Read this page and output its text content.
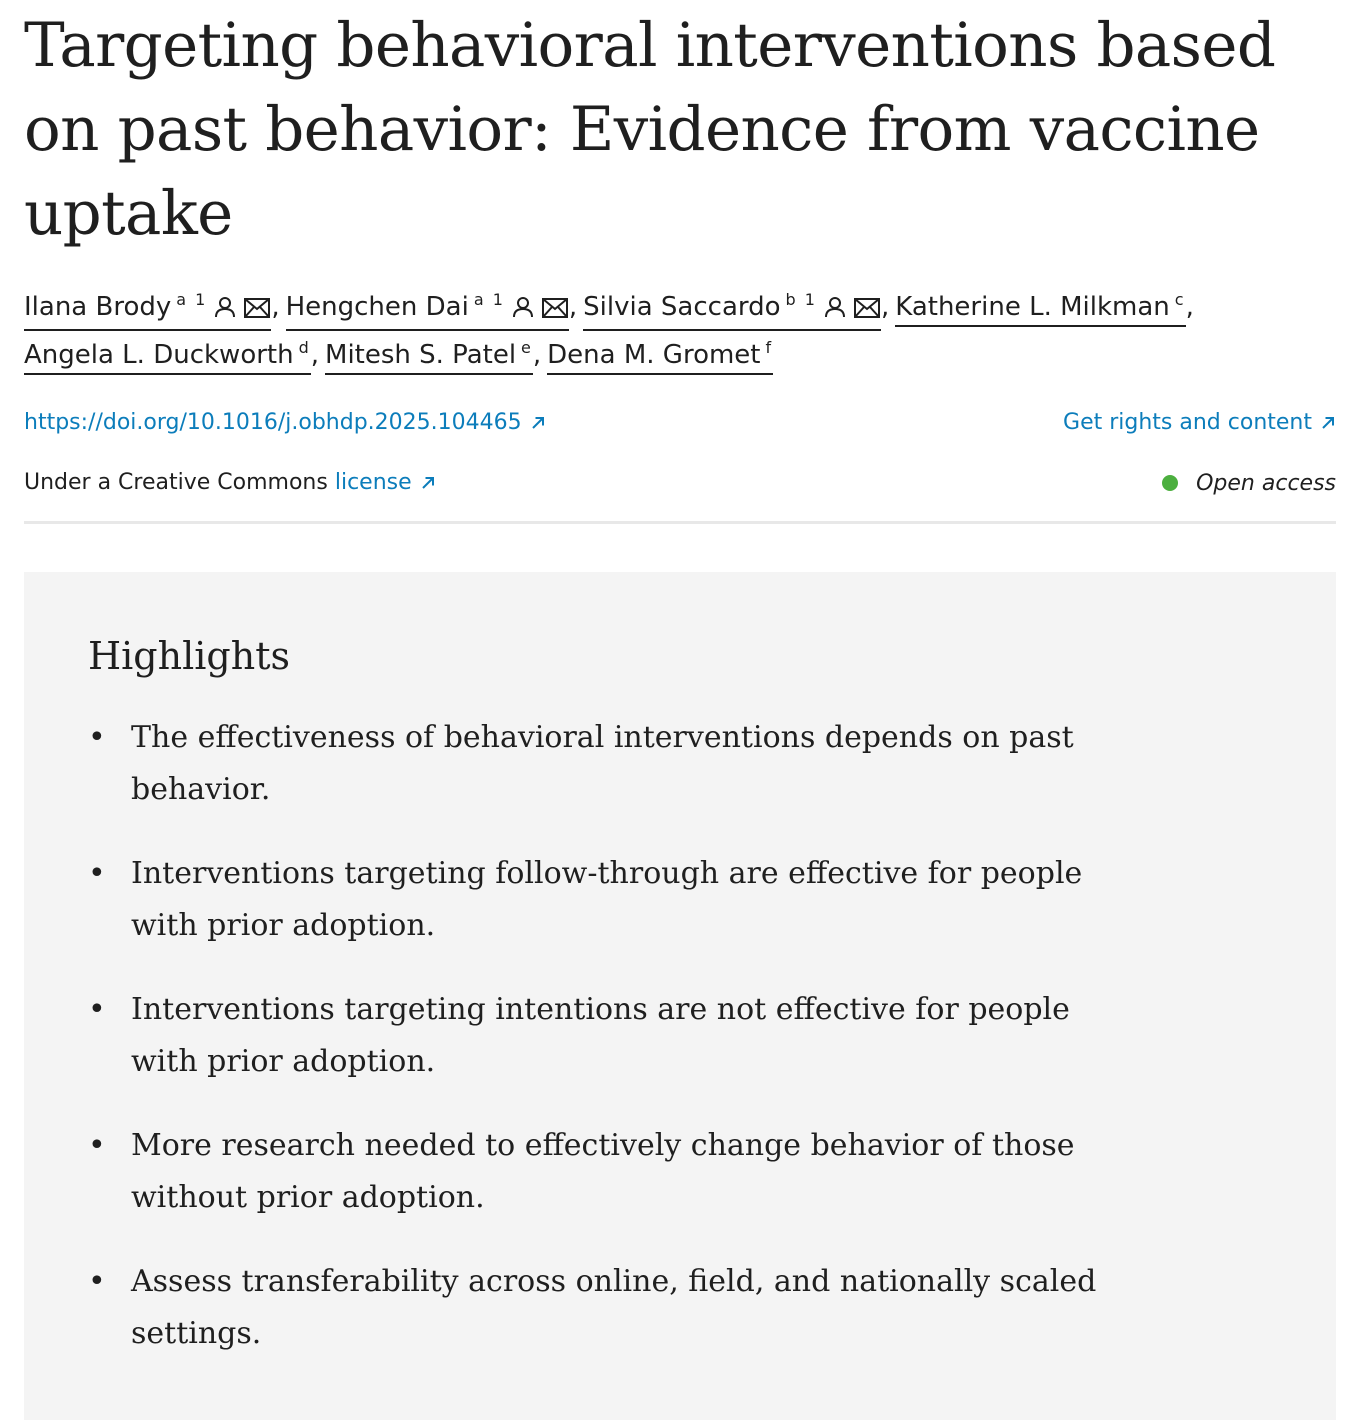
Targeting behavioral interventions based on past behavior: Evidence from vaccine uptake
Ilana Brody $^{a 1}$ , Hengchen Dai $^{a 1}$ , Silvia Saccardo $^{b 1}$ , Katherine L. Milkman $^c$,Angela L. Duckworth $^d$, Mitesh S. Patel $^e$, Dena M. Gromet $^f$
https://doi.org/10.1016/j.obhdp.2025.104465	Get rights and content
Under a Creative Commons license	Open access
Highlights
• The effectiveness of behavioral interventions depends on past behavior.
• Interventions targeting follow-through are effective for people with prior adoption.
• Interventions targeting intentions are not effective for people with prior adoption.
• More research needed to effectively change behavior of those without prior adoption.
• Assess transferability across online, field, and nationally scaled settings.
